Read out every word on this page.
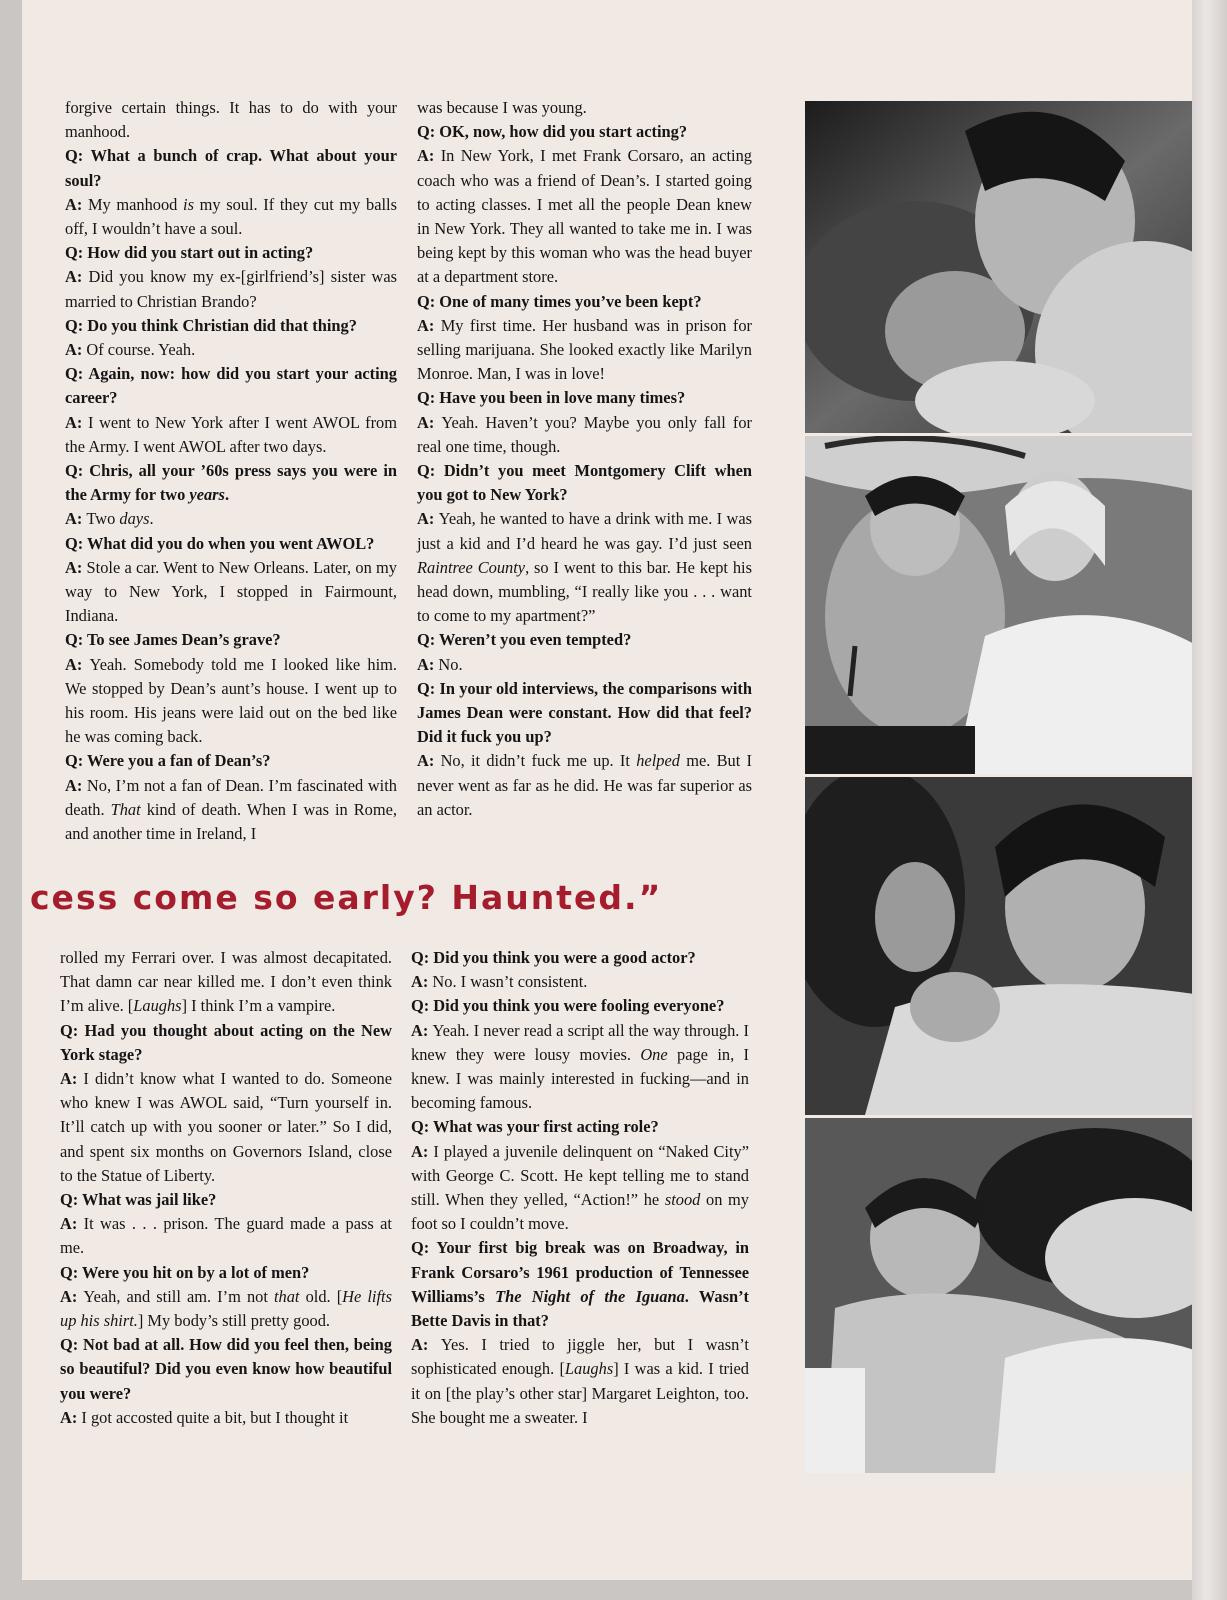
forgive certain things. It has to do with your manhood.

Q: What a bunch of crap. What about your soul?

A: My manhood is my soul. If they cut my balls off, I wouldn’t have a soul.

Q: How did you start out in acting?

A: Did you know my ex-[girlfriend’s] sister was married to Christian Brando?

Q: Do you think Christian did that thing?

A: Of course. Yeah.

Q: Again, now: how did you start your acting career?

A: I went to New York after I went AWOL from the Army. I went AWOL after two days.

Q: Chris, all your ’60s press says you were in the Army for two years.

A: Two days.

Q: What did you do when you went AWOL?

A: Stole a car. Went to New Orleans. Later, on my way to New York, I stopped in Fairmount, Indiana.

Q: To see James Dean’s grave?

A: Yeah. Somebody told me I looked like him. We stopped by Dean’s aunt’s house. I went up to his room. His jeans were laid out on the bed like he was coming back.

Q: Were you a fan of Dean’s?

A: No, I’m not a fan of Dean. I’m fascinated with death. That kind of death. When I was in Rome, and another time in Ireland, I

was because I was young.

Q: OK, now, how did you start acting?

A: In New York, I met Frank Corsaro, an acting coach who was a friend of Dean’s. I started going to acting classes. I met all the people Dean knew in New York. They all wanted to take me in. I was being kept by this woman who was the head buyer at a department store.

Q: One of many times you’ve been kept?

A: My first time. Her husband was in prison for selling marijuana. She looked exactly like Marilyn Monroe. Man, I was in love!

Q: Have you been in love many times?

A: Yeah. Haven’t you? Maybe you only fall for real one time, though.

Q: Didn’t you meet Montgomery Clift when you got to New York?

A: Yeah, he wanted to have a drink with me. I was just a kid and I’d heard he was gay. I’d just seen Raintree County, so I went to this bar. He kept his head down, mumbling, “I really like you . . . want to come to my apartment?”

Q: Weren’t you even tempted?

A: No.

Q: In your old interviews, the comparisons with James Dean were constant. How did that feel? Did it fuck you up?

A: No, it didn’t fuck me up. It helped me. But I never went as far as he did. He was far superior as an actor.

cess come so early? Haunted.”

rolled my Ferrari over. I was almost decapitated. That damn car near killed me. I don’t even think I’m alive. [Laughs] I think I’m a vampire.

Q: Had you thought about acting on the New York stage?

A: I didn’t know what I wanted to do. Someone who knew I was AWOL said, “Turn yourself in. It’ll catch up with you sooner or later.” So I did, and spent six months on Governors Island, close to the Statue of Liberty.

Q: What was jail like?

A: It was . . . prison. The guard made a pass at me.

Q: Were you hit on by a lot of men?

A: Yeah, and still am. I’m not that old. [He lifts up his shirt.] My body’s still pretty good.

Q: Not bad at all. How did you feel then, being so beautiful? Did you even know how beautiful you were?

A: I got accosted quite a bit, but I thought it

Q: Did you think you were a good actor?

A: No. I wasn’t consistent.

Q: Did you think you were fooling everyone?

A: Yeah. I never read a script all the way through. I knew they were lousy movies. One page in, I knew. I was mainly interested in fucking—and in becoming famous.

Q: What was your first acting role?

A: I played a juvenile delinquent on “Naked City” with George C. Scott. He kept telling me to stand still. When they yelled, “Action!” he stood on my foot so I couldn’t move.

Q: Your first big break was on Broadway, in Frank Corsaro’s 1961 production of Tennessee Williams’s The Night of the Iguana. Wasn’t Bette Davis in that?

A: Yes. I tried to jiggle her, but I wasn’t sophisticated enough. [Laughs] I was a kid. I tried it on [the play’s other star] Margaret Leighton, too. She bought me a sweater. I
